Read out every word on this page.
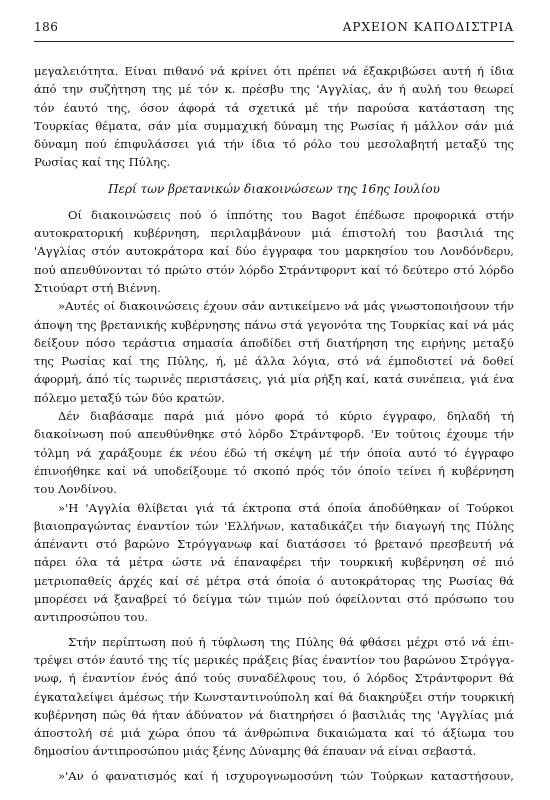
186	ΑΡΧΕΙΟΝ ΚΑΠΟΔΙΣΤΡΙΑ
μεγαλειότητα. Είναι πιθανό νά κρίνει ότι πρέπει νά έξακριβώσει αυτή ή ίδια
άπό την συζήτηση της μέ τόν κ. πρέσβυ της 'Αγγλίας, άν ή αυλή του θεωρεί
τόν έαυτό της, όσον άφορά τά σχετικά μέ τήν παρούσα κατάσταση της
Τουρκίας θέματα, σάν μία συμμαχική δύναμη της Ρωσίας ή μάλλον σάν μιά
δύναμη πού έπιφυλάσσει γιά τήν ίδια τό ρόλο του μεσολαβητή μεταξύ της
Ρωσίας καί της Πύλης.
Περί των βρετανικών διακοινώσεων της 16ης Ιουλίου
Οί διακοινώσεις πού ό ίππότης του Bagot έπέδωσε προφορικά στήν
αυτοκρατορική κυβέρνηση, περιλαμβάνουν μιά έπιστολή του βασιλιά της
'Αγγλίας στόν αυτοκράτορα καί δύο έγγραφα του μαρκησίου του Λονδόνδερυ,
πού απευθύνονται τό πρώτο στόν λόρδο Στράντφορντ καί τό δεύτερο στό λόρδο
Στιούαρτ στή Βιέννη.
»Αυτές οί διακοινώσεις έχουν σάν αντικείμενο νά μάς γνωστοποιήσουν τήν
άποψη της βρετανικής κυβέρνησης πάνω στά γεγονότα της Τουρκίας καί νά μάς
δείξουν πόσο τεράστια σημασία άποδίδει στή διατήρηση της ειρήνης μεταξύ
της Ρωσίας καί της Πύλης, ή, μέ άλλα λόγια, στό νά έμποδιστεί νά δοθεί
άφορμή, άπό τίς τωρινές περιστάσεις, γιά μία ρήξη καί, κατά συνέπεια, γιά ένα
πόλεμο μεταξύ τών δύο κρατών.
Δέν διαβάσαμε παρά μιά μόνο φορά τό κύριο έγγραφο, δηλαδή τή
διακοίνωση πού απευθύνθηκε στό λόρδο Στράντφορδ. 'Εν τούτοις έχουμε τήν
τόλμη νά χαράξουμε έκ νέου έδώ τή σκέψη μέ τήν όποία αυτό τό έγγραφο
έπινοήθηκε καί νά υποδείξουμε τό σκοπό πρός τόν όποίο τείνει ή κυβέρνηση
του Λονδίνου.
»'Η 'Αγγλία θλίβεται γιά τά έκτροπα στά όποία άποδύθηκαν οί Τούρκοι
βιαιοπραγώντας έναντίον τών 'Ελλήνων, καταδικάζει τήν διαγωγή της Πύλης
άπέναντι στό βαρώνο Στρόγγανωφ καί διατάσσει τό βρετανό πρεσβευτή νά
πάρει όλα τά μέτρα ώστε νά έπαναφέρει τήν τουρκική κυβέρνηση σέ πιό
μετριοπαθείς άρχές καί σέ μέτρα στά όποία ό αυτοκράτορας της Ρωσίας θά
μπορέσει νά ξαναβρεί τό δείγμα τών τιμών πού όφείλονται στό πρόσωπο του
αντιπροσώπου του.
Στήν περίπτωση πού ή τύφλωση της Πύλης θά φθάσει μέχρι στό νά έπι-
τρέψει στόν έαυτό της τίς μερικές πράξεις βίας έναντίον του βαρώνου Στρόγγα-
νωφ, ή έναντίον ένός άπό τούς συναδέλφους του, ό λόρδος Στράντφορντ θά
έγκαταλείψει άμέσως τήν Κωνσταντινούπολη καί θά διακηρύξει στήν τουρκική
κυβέρνηση πώς θά ήταν άδύνατον νά διατηρήσει ό βασιλιάς της 'Αγγλίας μιά
άποστολή σέ μιά χώρα όπου τά άνθρώπινα δικαιώματα καί τό άξίωμα του
δημοσίου άντιπροσώπου μιάς ξένης Δύναμης θά έπαυαν νά είναι σεβαστά.
»'Αν ό φανατισμός καί ή ισχυρογνωμοσύνη τών Τούρκων καταστήσουν,
